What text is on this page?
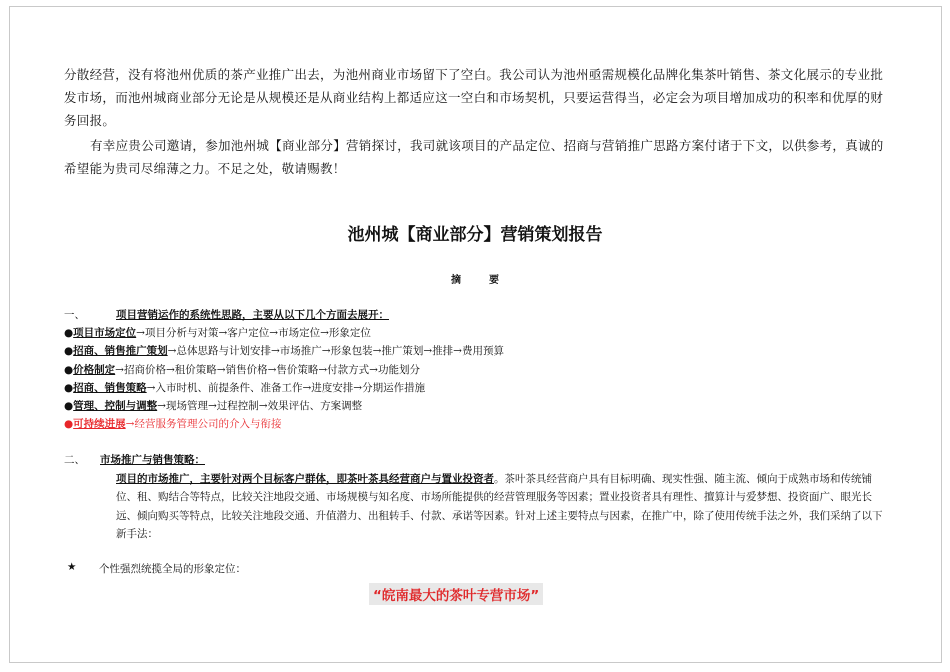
分散经营，没有将池州优质的茶产业推广出去，为池州商业市场留下了空白。我公司认为池州亟需规模化品牌化集茶叶销售、茶文化展示的专业批发市场，而池州城商业部分无论是从规模还是从商业结构上都适应这一空白和市场契机，只要运营得当，必定会为项目增加成功的积率和优厚的财务回报。

有幸应贵公司邀请，参加池州城【商业部分】营销探讨，我司就该项目的产品定位、招商与营销推广思路方案付诸于下文，以供参考，真诚的希望能为贵司尽绵薄之力。不足之处，敬请赐教！

池州城【商业部分】营销策划报告
摘要
一、	项目营销运作的系统性思路，主要从以下几个方面去展开：
●项目市场定位→项目分析与对策→客户定位→市场定位→形象定位
●招商、销售推广策划→总体思路与计划安排→市场推广→形象包装→推广策划→推排→费用预算
●价格制定→招商价格→租价策略→销售价格→售价策略→付款方式→功能划分
●招商、销售策略→入市时机、前提条件、准备工作→进度安排→分期运作措施
●管理、控制与调整→现场管理→过程控制→效果评估、方案调整
●可持续进展→经营服务管理公司的介入与衔接
二、	市场推广与销售策略：
项目的市场推广，主要针对两个目标客户群体，即茶叶茶具经营商户与置业投资者。茶叶茶具经营商户具有目标明确、现实性强、随主流、倾向于成熟市场和传统铺位、租、购结合等特点，比较关注地段交通、市场规模与知名度、市场所能提供的经营管理服务等因素；置业投资者具有理性、擅算计与爱梦想、投资面广、眼光长远、倾向购买等特点，比较关注地段交通、升值潜力、出租转手、付款、承诺等因素。针对上述主要特点与因素，在推广中，除了使用传统手法之外，我们采纳了以下新手法：
★	个性强烈统揽全局的形象定位：
“皖南最大的茶叶专营市场”
